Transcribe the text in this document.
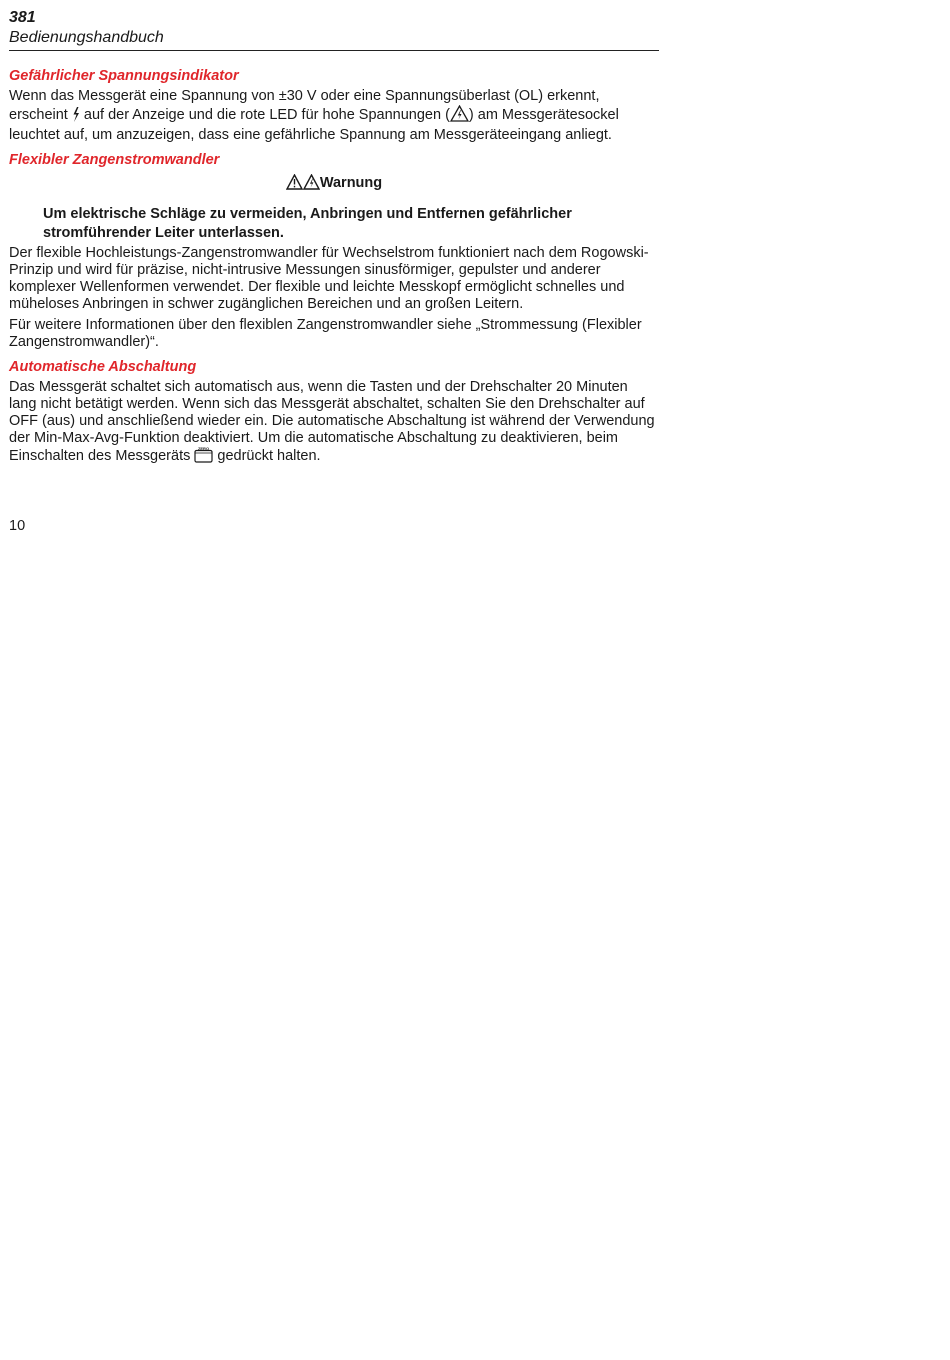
381
Bedienungshandbuch
Gefährlicher Spannungsindikator

Wenn das Messgerät eine Spannung von ±30 V oder eine Spannungsüberlast (OL) erkennt, erscheint auf der Anzeige und die rote LED für hohe Spannungen ( ) am Messgerätesockel leuchtet auf, um anzuzeigen, dass eine gefährliche Spannung am Messgeräteeingang anliegt.

Flexibler Zangenstromwandler
Warnung

Um elektrische Schläge zu vermeiden, Anbringen und Entfernen gefährlicher stromführender Leiter unterlassen.

Der flexible Hochleistungs-Zangenstromwandler für Wechselstrom funktioniert nach dem Rogowski-Prinzip und wird für präzise, nicht-intrusive Messungen sinusförmiger, gepulster und anderer komplexer Wellenformen verwendet. Der flexible und leichte Messkopf ermöglicht schnelles und müheloses Anbringen in schwer zugänglichen Bereichen und an großen Leitern.

Für weitere Informationen über den flexiblen Zangenstromwandler siehe „Strommessung (Flexibler Zangenstromwandler)“.

Automatische Abschaltung

Das Messgerät schaltet sich automatisch aus, wenn die Tasten und der Drehschalter 20 Minuten lang nicht betätigt werden. Wenn sich das Messgerät abschaltet, schalten Sie den Drehschalter auf OFF (aus) und anschließend wieder ein. Die automatische Abschaltung ist während der Verwendung der Min-Max-Avg-Funktion deaktiviert. Um die automatische Abschaltung zu deaktivieren, beim Einschalten des Messgeräts ZERO gedrückt halten.

10
